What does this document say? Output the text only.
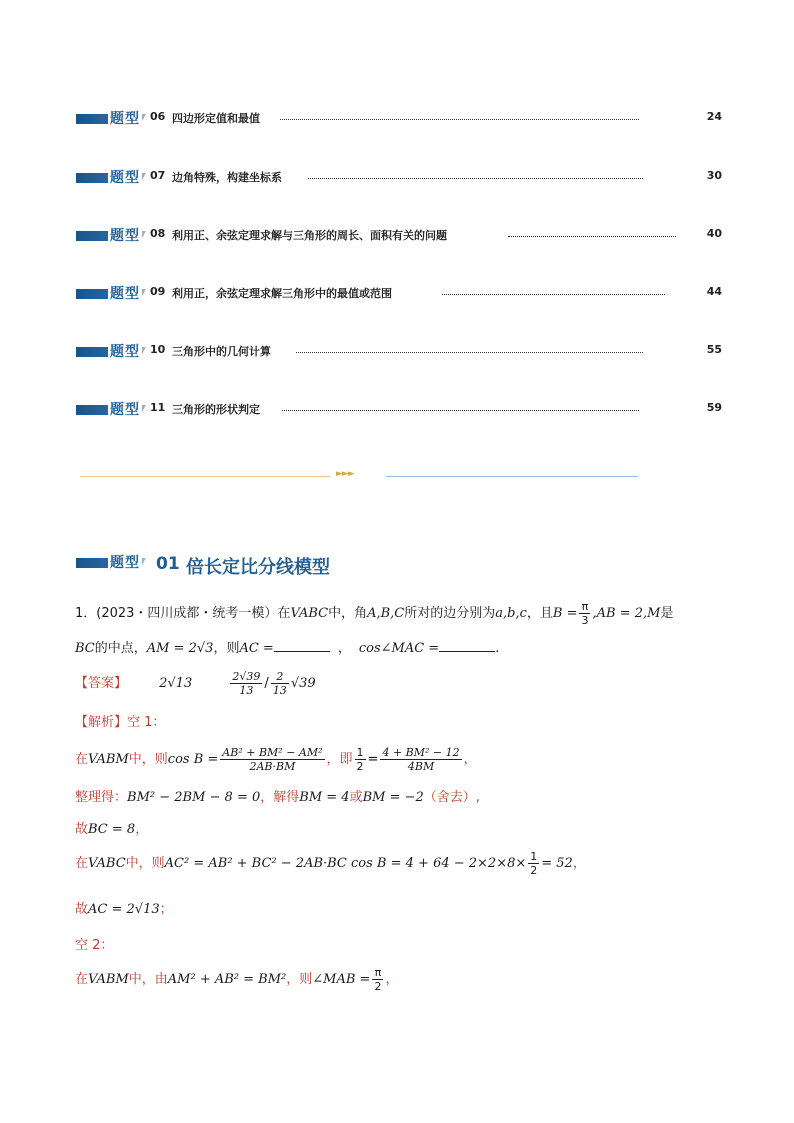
题型 06 四边形定值和最值	24
题型 07 边角特殊，构建坐标系	30
题型 08 利用正、余弦定理求解与三角形的周长、面积有关的问题	40
题型 09 利用正，余弦定理求解三角形中的最值或范围	44
题型 10 三角形中的几何计算	55
题型 11 三角形的形状判定	59
►►►
题型 01 倍长定比分线模型
1．(2023・四川成都・统考一模）在VABC中，角A,B,C所对的边分别为a,b,c，且$B = \frac{\pi}{3} ,AB = 2,M$是
BC的中点，AM = 2√3，则AC =	， cos∠MAC =	.
【答案】 2√13	$\frac{2√39}{13} / \frac{2}{13} √39$
【解析】空 1：
在VABM中，则$\cos B = \frac{\text{AB² + BM² − AM²}}{2AB\cdot BM}$ ，即 $\frac{1}{2} = \frac{\text{4 + BM² − 12}}{4BM}$ ，
整理得：BM² − 2BM − 8 = 0，解得BM = 4或BM = −2（舍去）,
故BC = 8，
在VABC中，则AC² = AB² + BC² − 2AB·BC $\cos B = 4 + 64 - 2\times 2\times 8\times \frac{1}{2} = 52$，
故AC = 2√13；
空 2：
在VABM中，由AM² + AB² = BM²，则∠MAB = $\frac{\pi}{2}$ ，
